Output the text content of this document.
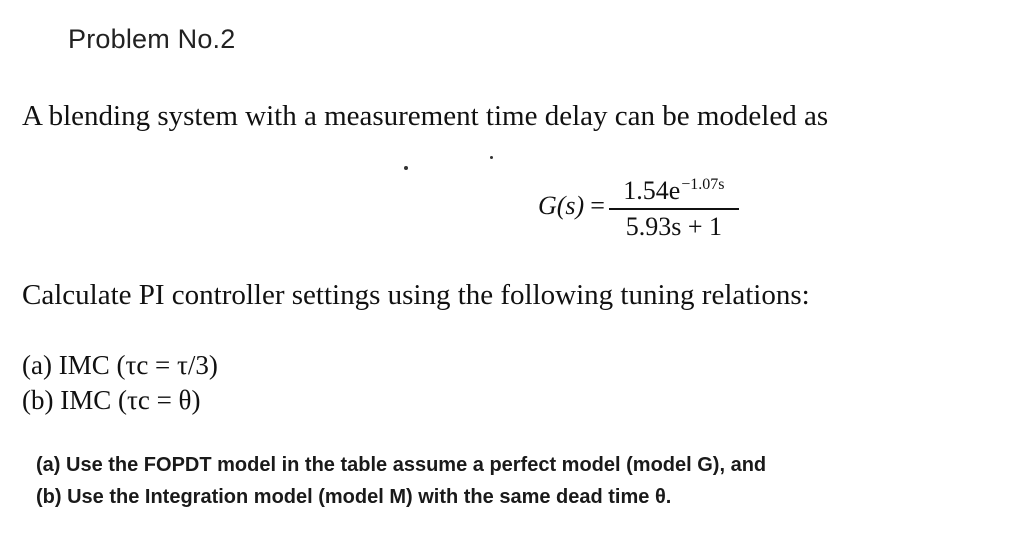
Problem No.2
A blending system with a measurement time delay can be modeled as
$G(s) = \frac{1.54e^{-1.07s}}{5.93s + 1}$
Calculate PI controller settings using the following tuning relations:
(a) IMC (τc = τ/3)
(b) IMC (τc = θ)
(a) Use the FOPDT model in the table assume a perfect model (model G), and
(b) Use the Integration model (model M) with the same dead time θ.
